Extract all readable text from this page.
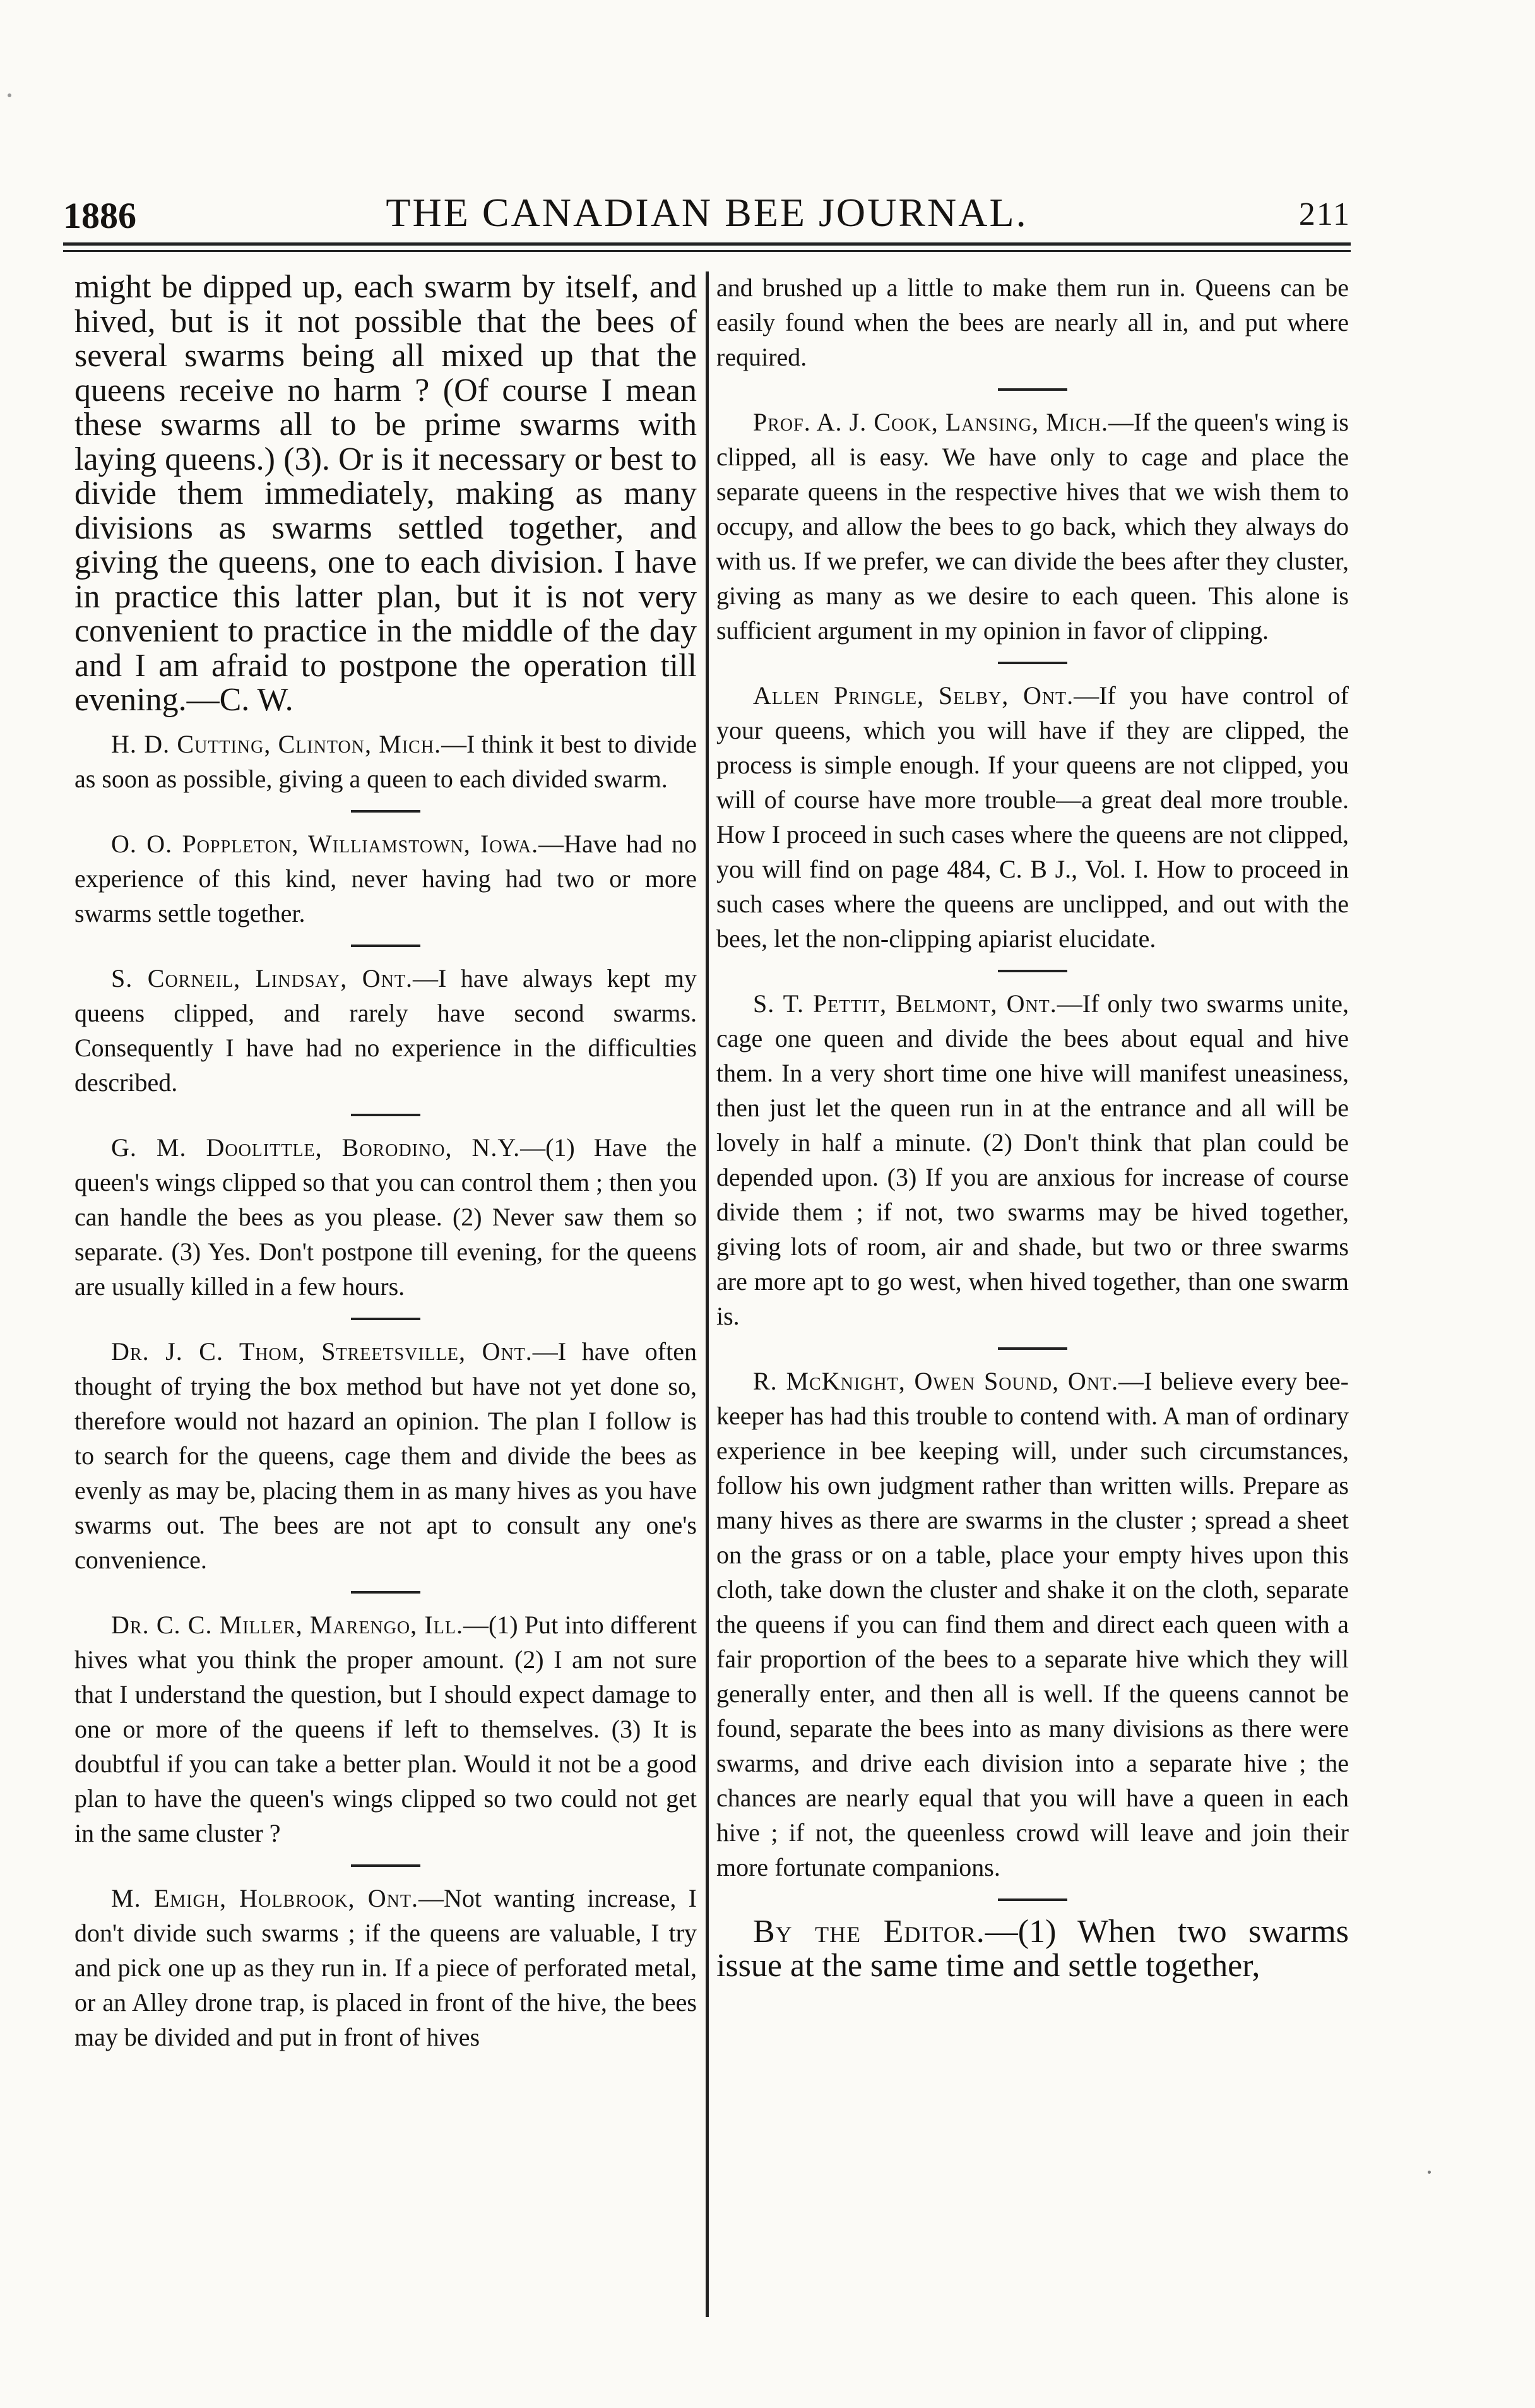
1886	THE CANADIAN BEE JOURNAL.	211

might be dipped up, each swarm by itself, and hived, but is it not possible that the bees of several swarms being all mixed up that the queens receive no harm ? (Of course I mean these swarms all to be prime swarms with laying queens.) (3). Or is it necessary or best to divide them immediately, making as many divisions as swarms settled together, and giving the queens, one to each division. I have in practice this latter plan, but it is not very convenient to practice in the middle of the day and I am afraid to postpone the operation till evening.—C. W.

H. D. Cutting, Clinton, Mich.—I think it best to divide as soon as possible, giving a queen to each divided swarm.

O. O. Poppleton, Williamstown, Iowa.—Have had no experience of this kind, never having had two or more swarms settle together.

S. Corneil, Lindsay, Ont.—I have always kept my queens clipped, and rarely have second swarms. Consequently I have had no experience in the difficulties described.

G. M. Doolittle, Borodino, N.Y.—(1) Have the queen's wings clipped so that you can control them ; then you can handle the bees as you please. (2) Never saw them so separate. (3) Yes. Don't postpone till evening, for the queens are usually killed in a few hours.

Dr. J. C. Thom, Streetsville, Ont.—I have often thought of trying the box method but have not yet done so, therefore would not hazard an opinion. The plan I follow is to search for the queens, cage them and divide the bees as evenly as may be, placing them in as many hives as you have swarms out. The bees are not apt to consult any one's convenience.

Dr. C. C. Miller, Marengo, Ill.—(1) Put into different hives what you think the proper amount. (2) I am not sure that I understand the question, but I should expect damage to one or more of the queens if left to themselves. (3) It is doubtful if you can take a better plan. Would it not be a good plan to have the queen's wings clipped so two could not get in the same cluster ?

M. Emigh, Holbrook, Ont.—Not wanting increase, I don't divide such swarms ; if the queens are valuable, I try and pick one up as they run in. If a piece of perforated metal, or an Alley drone trap, is placed in front of the hive, the bees may be divided and put in front of hives

and brushed up a little to make them run in. Queens can be easily found when the bees are nearly all in, and put where required.

Prof. A. J. Cook, Lansing, Mich.—If the queen's wing is clipped, all is easy. We have only to cage and place the separate queens in the respective hives that we wish them to occupy, and allow the bees to go back, which they always do with us. If we prefer, we can divide the bees after they cluster, giving as many as we desire to each queen. This alone is sufficient argument in my opinion in favor of clipping.

Allen Pringle, Selby, Ont.—If you have control of your queens, which you will have if they are clipped, the process is simple enough. If your queens are not clipped, you will of course have more trouble—a great deal more trouble. How I proceed in such cases where the queens are not clipped, you will find on page 484, C. B J., Vol. I. How to proceed in such cases where the queens are unclipped, and out with the bees, let the non-clipping apiarist elucidate.

S. T. Pettit, Belmont, Ont.—If only two swarms unite, cage one queen and divide the bees about equal and hive them. In a very short time one hive will manifest uneasiness, then just let the queen run in at the entrance and all will be lovely in half a minute. (2) Don't think that plan could be depended upon. (3) If you are anxious for increase of course divide them ; if not, two swarms may be hived together, giving lots of room, air and shade, but two or three swarms are more apt to go west, when hived together, than one swarm is.

R. McKnight, Owen Sound, Ont.—I believe every bee-keeper has had this trouble to contend with. A man of ordinary experience in bee keeping will, under such circumstances, follow his own judgment rather than written wills. Prepare as many hives as there are swarms in the cluster ; spread a sheet on the grass or on a table, place your empty hives upon this cloth, take down the cluster and shake it on the cloth, separate the queens if you can find them and direct each queen with a fair proportion of the bees to a separate hive which they will generally enter, and then all is well. If the queens cannot be found, separate the bees into as many divisions as there were swarms, and drive each division into a separate hive ; the chances are nearly equal that you will have a queen in each hive ; if not, the queenless crowd will leave and join their more fortunate companions.

By the Editor.—(1) When two swarms issue at the same time and settle together,
